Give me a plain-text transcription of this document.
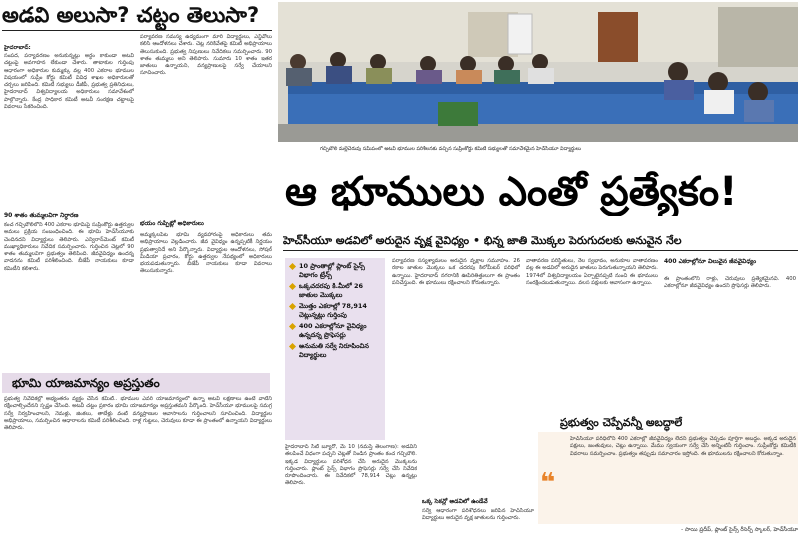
అడవి అలుసా? చట్టం తెలుసా?
హైదరాబాద్‌:
సంపద, పర్యావరణం అనుకున్నట్లు అర్థం కాకుండా అటవీ చట్టంపై అవగాహన లేకుండా చేశారు. తాటాకుల గుర్తింపు ఆధారంగా అధికారుల కుమ్మక్కు వల్ల 400 ఎకరాల భూముల విషయంలో సుప్రీం కోర్టు కమిటీ వివిధ శాఖల అధికారులతో చర్చలు జరిపింది. కమిటీ సభ్యులు డీజీపీ, ప్రభుత్వ ప్రతినిధులు, హైదరాబాద్‌ విశ్వవిద్యాలయ అధికారులు సమావేశంలో పాల్గొన్నారు. కేంద్ర సాధికార కమిటీ అటవీ సంరక్షణ చట్టాలపై వివరాలు సేకరించింది.
90 శాతం తుమ్మలవిగా నిర్ధారణ
కంచ గచ్చిబౌలిలోని 400 ఎకరాల భూమిపై సుప్రీంకోర్టు ఉత్తర్వుల అమలు ప్రక్రియ సంబంధించింది. ఈ భూమి హెచ్‌సీయూకు చెందినదని విద్యార్థులు తెలిపారు. ఎన్విరాన్‌మెంట్‌ కమిటీ ముఖ్యాధికారులు నివేదిక సమర్పించారు. గుర్తించిన చెట్లలో 90 శాతం తుమ్మలవిగా ప్రభుత్వం తెలిపింది. జీవవైవిధ్యం ఉందన్న వాదనను కమిటీ పరిశీలించింది. బీజేపీ నాయకులు కూడా కమిటీని కలిశారు.
పర్యావరణ సమస్య ఉద్యమంగా మారి విద్యార్థులు, ఎన్జీవోలు కలిసి ఆందోళనలు చేశారు. చెట్ల నరికివేతపై కమిటీ అభిప్రాయాలు తెలుసుకుంది. ప్రభుత్వ నిపుణులు నివేదికలు సమర్పించారు. 90 శాతం తుమ్మలు అని తెలిపారు. సుమారు 10 శాతం ఇతర జాతులు ఉన్నాయని, వన్యప్రాణులపై సర్వే చేయాలని సూచించారు.
భయం గుప్పిట్లో అధికారులు
అమ్మక్కలపేట భూమి వ్యవహారంపై అధికారులు తమ అభిప్రాయాలు వెల్లడించారు. జీవ వైవిధ్యం ఉన్నప్పటికీ నిర్ణయం ప్రభుత్వానిదే అని పేర్కొన్నారు. విద్యార్థుల ఆందోళనలు, సోషల్‌ మీడియా ప్రచారం, కోర్టు ఉత్తర్వుల నేపథ్యంలో అధికారులు భయపడుతున్నారు. బీజేపీ నాయకులు కూడా వివరాలు తెలుసుకున్నారు.
భూమి యాజమాన్యం అప్రస్తుతం
ప్రభుత్వ నివేదికల్లో అభ్యంతరం వ్యక్తం చేసిన కమిటీ.. భూముల ఎవరి యాజమాన్యంలో ఉన్నా అటవీ లక్షణాలు ఉంటే వాటిని రక్షించాల్సిందేనని స్పష్టం చేసింది. అటవీ చట్టం ప్రకారం భూమి యాజమాన్యం అప్రస్తుతమని పేర్కొంది. హెచ్‌సీయూ భూములపై సమగ్ర సర్వే నిర్వహించాలని, నెమళ్లు, జింకలు, తాబేళ్లు వంటి వన్యప్రాణుల ఆవాసాలను గుర్తించాలని సూచించింది. విద్యార్థుల అభిప్రాయాలు, సమర్పించిన ఆధారాలను కమిటీ పరిశీలించింది. రాళ్ల గుట్టలు, చెరువులు కూడా ఈ ప్రాంతంలో ఉన్నాయని విద్యార్థులు తెలిపారు.
గచ్చిబౌలి మల్లెచెరువు సమీపంలో అటవీ భూముల పరిశీలనకు వచ్చిన సుప్రీంకోర్టు కమిటీ సభ్యులతో సమావేశమైన హెచ్‌సీయూ విద్యార్థులు
ఆ భూములు ఎంతో ప్రత్యేకం!
హెచ్‌సీయూ అడవిలో అరుదైన వృక్ష వైవిధ్యం • భిన్న జాతి మొక్కల పెరుగుదలకు అనువైన నేల
10 ప్రాంతాల్లో ప్లాంట్‌ సైన్స్‌ విభాగం ట్రేన్స్‌
ఒక్కచదరపు కి.మీలో 26 జాతుల మొక్కలు
మొత్తం ఎకరాల్లో 78,914 చెట్లున్నట్లు గుర్తింపు
400 ఎకరాల్లోనూ వైవిధ్యం ఉన్నదన్న ప్రొఫెసర్లు
అనుమతి సర్వే నిరూపించిన విద్యార్థులు
హైదరాబాద్‌ సిటీ బ్యూరో, మే 10 (నమస్తే తెలంగాణ): అడవిని తలపించే విధంగా పచ్చని చెట్లతో నిండిన ప్రాంతం కంచ గచ్చిబౌలి. ఇక్కడ విద్యార్థులు పరిశోధన చేసి అరుదైన మొక్కలను గుర్తించారు. ప్లాంట్‌ సైన్స్‌ విభాగం ప్రొఫెసర్లు సర్వే చేసి నివేదిక రూపొందించారు. ఈ నివేదికలో 78,914 చెట్లు ఉన్నట్లు తెలిపారు.
పర్యావరణ సస్యశ్యామలం అరుదైన వృక్షాల సమూహం. 26 రకాల జాతుల మొక్కలు ఒక చదరపు కిలోమీటర్‌ పరిధిలో ఉన్నాయి. హైదరాబాద్‌ నగరానికి ఊపిరితిత్తులుగా ఈ ప్రాంతం పనిచేస్తుంది. ఈ భూములు రక్షించాలని కోరుతున్నారు.
ఒక్క సెకన్లో అడవిలో ఉండేవే
సర్వే ఆధారంగా పరిశోధనలు జరిపిన హెచ్‌సీయూ విద్యార్థులు అరుదైన వృక్ష జాతులను గుర్తించారు.
వాతావరణ పరిస్థితులు, నేల స్వభావం, అనుకూల వాతావరణం వల్ల ఈ అడవిలో అరుదైన జాతులు పెరుగుతున్నాయని తెలిపారు. 1974లో విశ్వవిద్యాలయం ఏర్పాటైనప్పటి నుంచి ఈ భూములు సంరక్షించబడుతున్నాయి. వలస పక్షులకు ఆవాసంగా ఉన్నాయి.
400 ఎకరాల్లోనూ విలువైన జీవవైవిధ్యం
ఈ ప్రాంతంలోని రాళ్లు, చెరువులు ప్రత్యేకమైనవి. 400 ఎకరాల్లోనూ జీవవైవిధ్యం ఉందని ప్రొఫెసర్లు తెలిపారు.
ప్రభుత్వం చెప్పేవన్నీ అబద్ధాలే
❝
హెచ్‌సీయూ పరిధిలోని 400 ఎకరాల్లో జీవవైవిధ్యం లేదని ప్రభుత్వం చెప్పడం పూర్తిగా అబద్ధం. అక్కడ అరుదైన పక్షులు, జంతువులు, చెట్లు ఉన్నాయి. మేము స్వయంగా సర్వే చేసి అన్నింటినీ గుర్తించాం. సుప్రీంకోర్టు కమిటీకి వివరాలు సమర్పించాం. ప్రభుత్వం తప్పుడు సమాచారం ఇస్తోంది. ఈ భూములను రక్షించాలని కోరుతున్నాం.
- సాయి ప్రదీప్‌, ప్లాంట్‌ సైన్స్‌ రీసెర్చ్‌ స్కాలర్‌, హెచ్‌సీయూ
